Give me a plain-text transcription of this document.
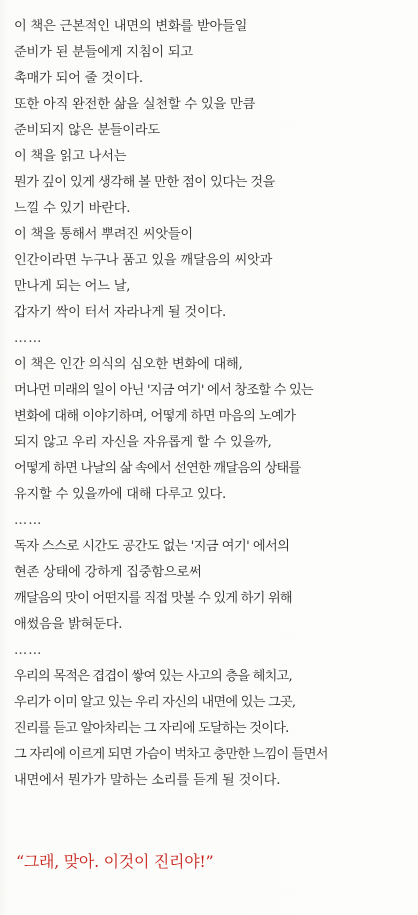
이 책은 근본적인 내면의 변화를 받아들일
준비가 된 분들에게 지침이 되고
촉매가 되어 줄 것이다.
또한 아직 완전한 삶을 실천할 수 있을 만큼
준비되지 않은 분들이라도
이 책을 읽고 나서는
뭔가 깊이 있게 생각해 볼 만한 점이 있다는 것을
느낄 수 있기 바란다.
이 책을 통해서 뿌려진 씨앗들이
인간이라면 누구나 품고 있을 깨달음의 씨앗과
만나게 되는 어느 날,
갑자기 싹이 터서 자라나게 될 것이다.
……
이 책은 인간 의식의 심오한 변화에 대해,
머나먼 미래의 일이 아닌 '지금 여기' 에서 창조할 수 있는
변화에 대해 이야기하며, 어떻게 하면 마음의 노예가
되지 않고 우리 자신을 자유롭게 할 수 있을까,
어떻게 하면 나날의 삶 속에서 선연한 깨달음의 상태를
유지할 수 있을까에 대해 다루고 있다.
……
독자 스스로 시간도 공간도 없는 '지금 여기' 에서의
현존 상태에 강하게 집중함으로써
깨달음의 맛이 어떤지를 직접 맛볼 수 있게 하기 위해
애썼음을 밝혀둔다.
……
우리의 목적은 겹겹이 쌓여 있는 사고의 층을 헤치고,
우리가 이미 알고 있는 우리 자신의 내면에 있는 그곳,
진리를 듣고 알아차리는 그 자리에 도달하는 것이다.
그 자리에 이르게 되면 가슴이 벅차고 충만한 느낌이 들면서
내면에서 뭔가가 말하는 소리를 듣게 될 것이다.
“그래, 맞아. 이것이 진리야!”
